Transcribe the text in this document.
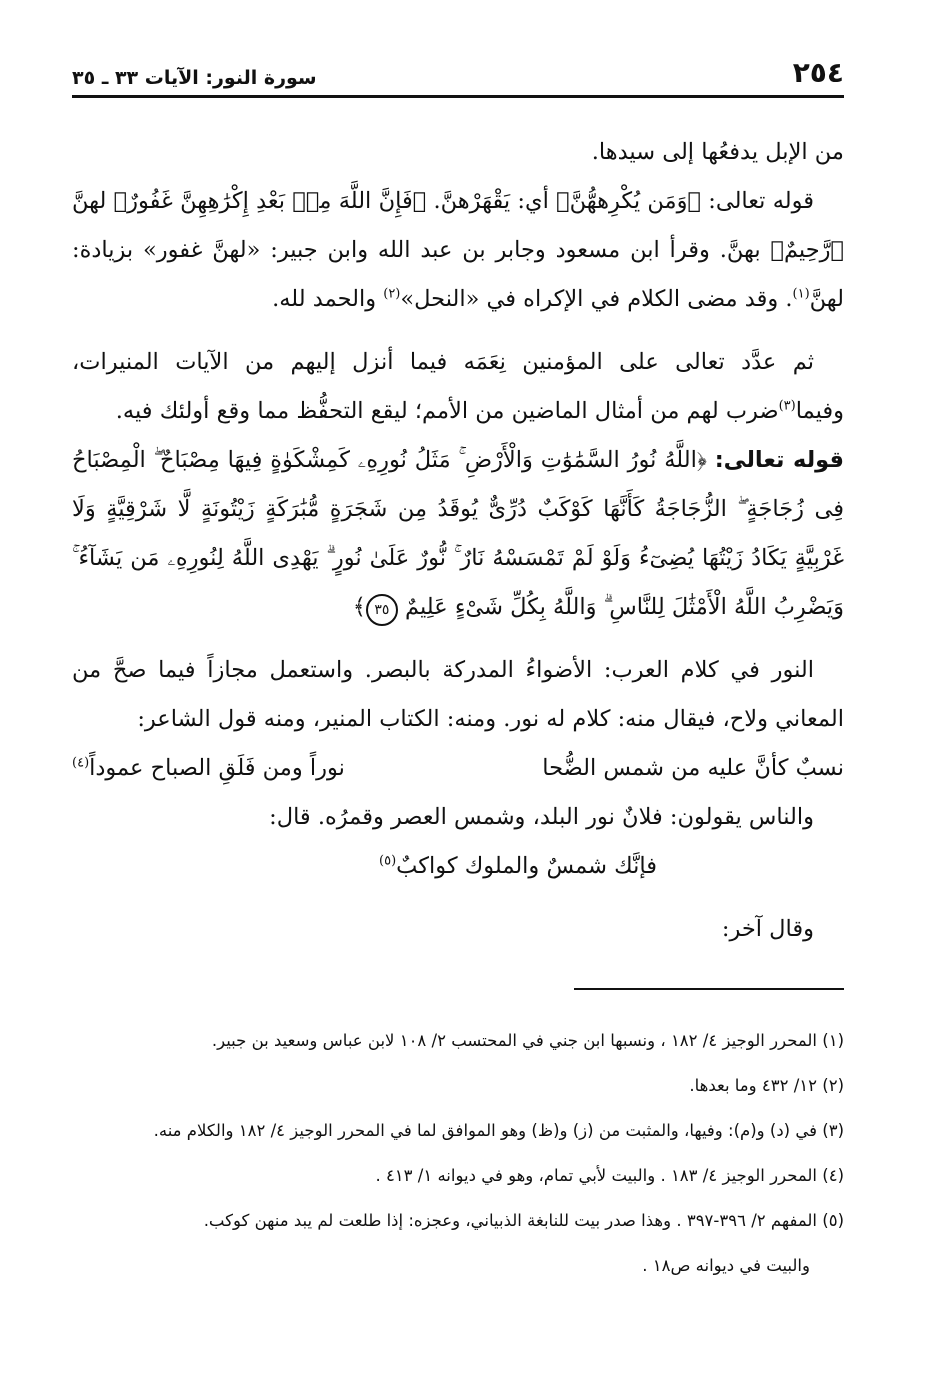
٢٥٤
سورة النور: الآيات ٣٣ ـ ٣٥

من الإبل يدفعُها إلى سيدها.

قوله تعالى: ﴿وَمَن يُكْرِههُّنَّ﴾ أي: يَقْهَرْهنَّ. ﴿فَإِنَّ اللَّهَ مِنۢ بَعْدِ إِكْرَٰهِهِنَّ غَفُورٌ﴾ لهنَّ ﴿رَّحِيمٌ﴾ بهنَّ. وقرأ ابن مسعود وجابر بن عبد الله وابن جبير: «لهنَّ غفور» بزيادة: لهنَّ$^{(١)}$. وقد مضى الكلام في الإكراه في «النحل»$^{(٢)}$ والحمد لله.

ثم عدَّد تعالى على المؤمنين نِعَمَه فيما أنزل إليهم من الآيات المنيرات، وفيما$^{(٣)}$ضرب لهم من أمثال الماضين من الأمم؛ ليقع التحفُّظ مما وقع أولئك فيه.

قوله تعالى: ﴿اللَّهُ نُورُ السَّمَٰوَٰتِ وَالْأَرْضِ ۚ مَثَلُ نُورِهِۦ كَمِشْكَوٰةٍ فِيهَا مِصْبَاحٌ ۖ الْمِصْبَاحُ فِى زُجَاجَةٍ ۖ الزُّجَاجَةُ كَأَنَّهَا كَوْكَبٌ دُرِّىٌّ يُوقَدُ مِن شَجَرَةٍ مُّبَٰرَكَةٍ زَيْتُونَةٍ لَّا شَرْقِيَّةٍ وَلَا غَرْبِيَّةٍ يَكَادُ زَيْتُهَا يُضِىٓءُ وَلَوْ لَمْ تَمْسَسْهُ نَارٌ ۚ نُّورٌ عَلَىٰ نُورٍ ۗ يَهْدِى اللَّهُ لِنُورِهِۦ مَن يَشَآءُ ۚ وَيَضْرِبُ اللَّهُ الْأَمْثَٰلَ لِلنَّاسِ ۗ وَاللَّهُ بِكُلِّ شَىْءٍ عَلِيمٌ ٣٥﴾

النور في كلام العرب: الأضواءُ المدركة بالبصر. واستعمل مجازاً فيما صحَّ من المعاني ولاح، فيقال منه: كلام له نور. ومنه: الكتاب المنير، ومنه قول الشاعر:

نسبٌ كأنَّ عليه من شمس الضُّحا
نوراً ومن فَلَقِ الصباح عموداً$^{(٤)}$

والناس يقولون: فلانٌ نور البلد، وشمس العصر وقمرُه. قال:

فإنَّك شمسٌ والملوك كواكبٌ$^{(٥)}$

وقال آخر:

(١) المحرر الوجيز ٤/ ١٨٢ ، ونسبها ابن جني في المحتسب ٢/ ١٠٨ لابن عباس وسعيد بن جبير.

(٢) ١٢/ ٤٣٢ وما بعدها.

(٣) في (د) و(م): وفيها، والمثبت من (ز) و(ظ) وهو الموافق لما في المحرر الوجيز ٤/ ١٨٢ والكلام منه.

(٤) المحرر الوجيز ٤/ ١٨٣ . والبيت لأبي تمام، وهو في ديوانه ١/ ٤١٣ .

(٥) المفهم ٢/ ٣٩٦-٣٩٧ . وهذا صدر بيت للنابغة الذبياني، وعجزه: إذا طلعت لم يبد منهن كوكب.

والبيت في ديوانه ص١٨ .
